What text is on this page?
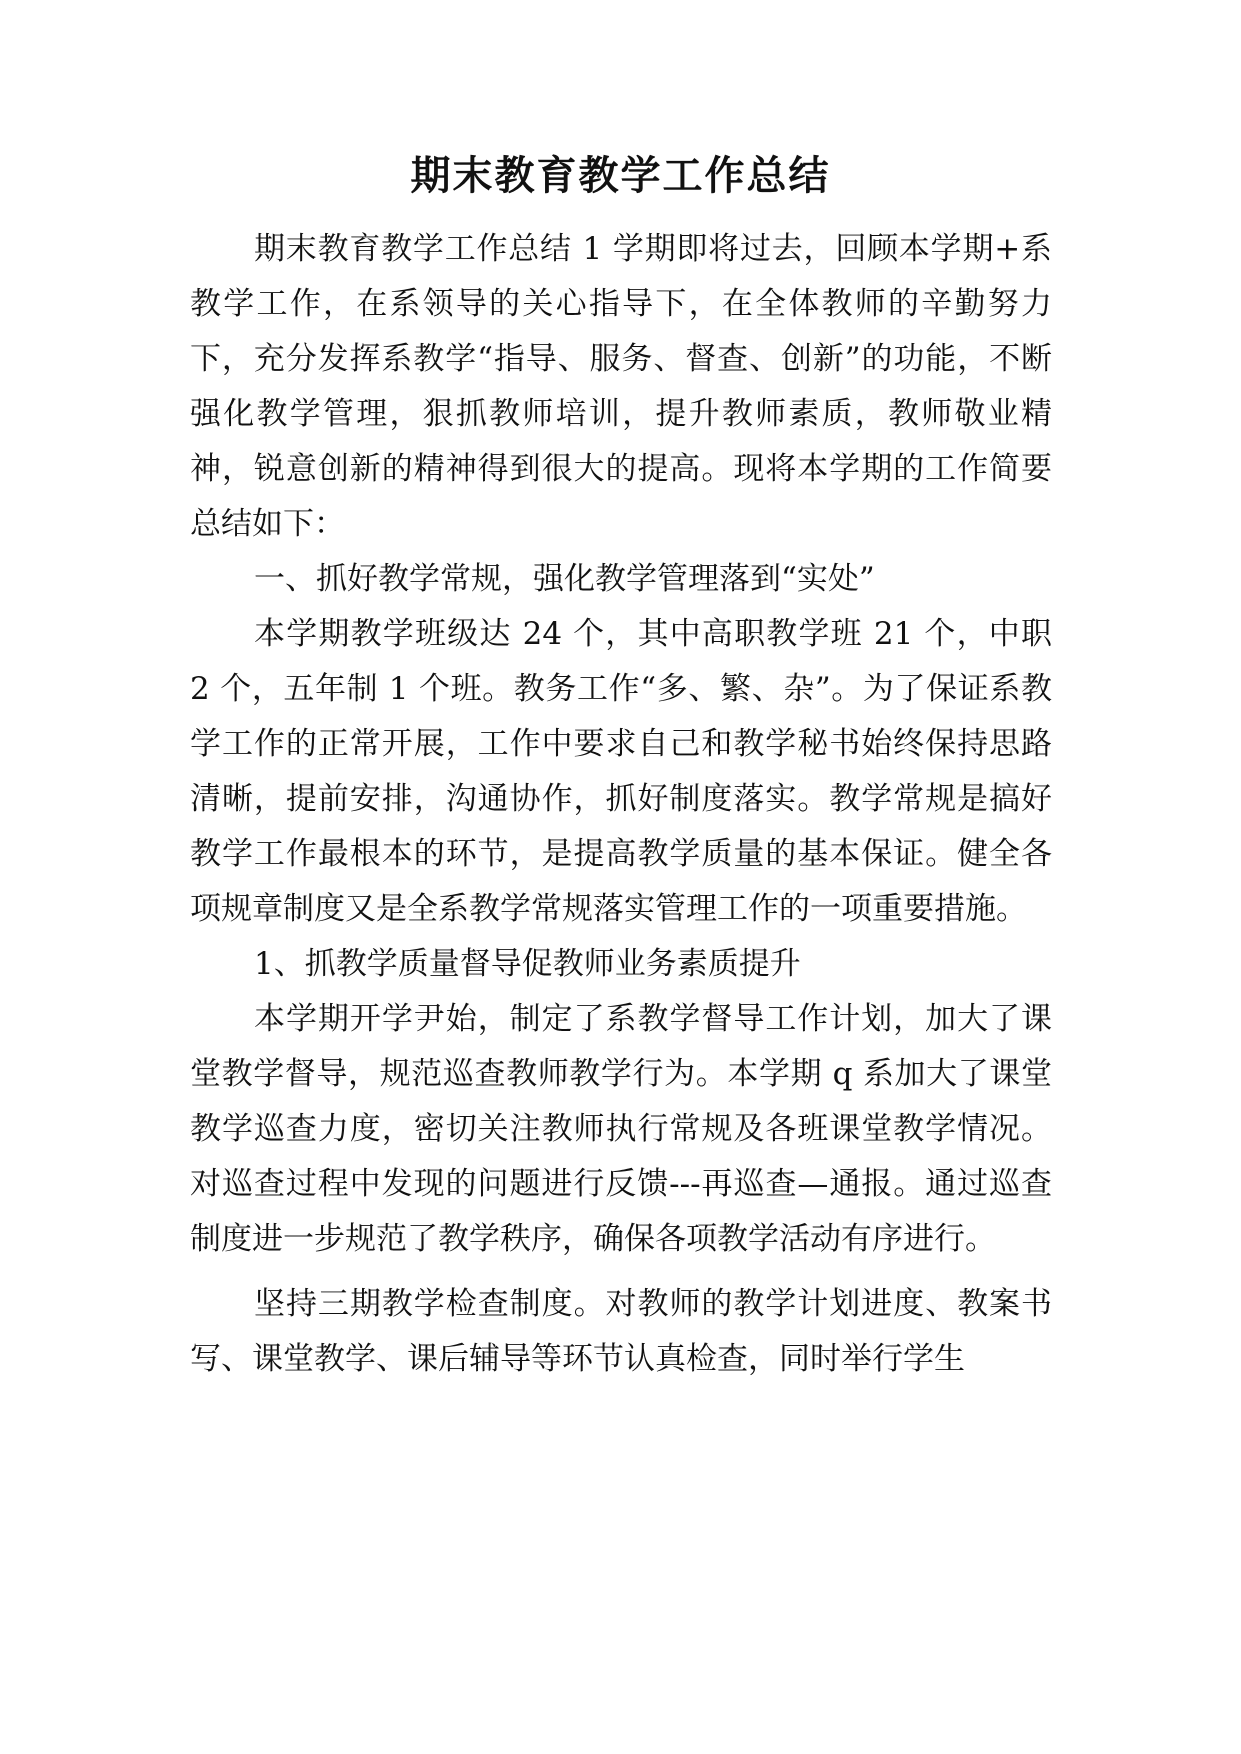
期末教育教学工作总结

期末教育教学工作总结 1 学期即将过去，回顾本学期+系教学工作，在系领导的关心指导下，在全体教师的辛勤努力下，充分发挥系教学“指导、服务、督查、创新”的功能，不断强化教学管理，狠抓教师培训，提升教师素质，教师敬业精神，锐意创新的精神得到很大的提高。现将本学期的工作简要总结如下：

一、抓好教学常规，强化教学管理落到“实处”

本学期教学班级达 24 个，其中高职教学班 21 个，中职 2 个，五年制 1 个班。教务工作“多、繁、杂”。为了保证系教学工作的正常开展，工作中要求自己和教学秘书始终保持思路清晰，提前安排，沟通协作，抓好制度落实。教学常规是搞好教学工作最根本的环节，是提高教学质量的基本保证。健全各项规章制度又是全系教学常规落实管理工作的一项重要措施。

1、抓教学质量督导促教师业务素质提升

本学期开学尹始，制定了系教学督导工作计划，加大了课堂教学督导，规范巡查教师教学行为。本学期 q 系加大了课堂教学巡查力度，密切关注教师执行常规及各班课堂教学情况。对巡查过程中发现的问题进行反馈---再巡查—通报。通过巡查制度进一步规范了教学秩序，确保各项教学活动有序进行。

坚持三期教学检查制度。对教师的教学计划进度、教案书写、课堂教学、课后辅导等环节认真检查，同时举行学生
